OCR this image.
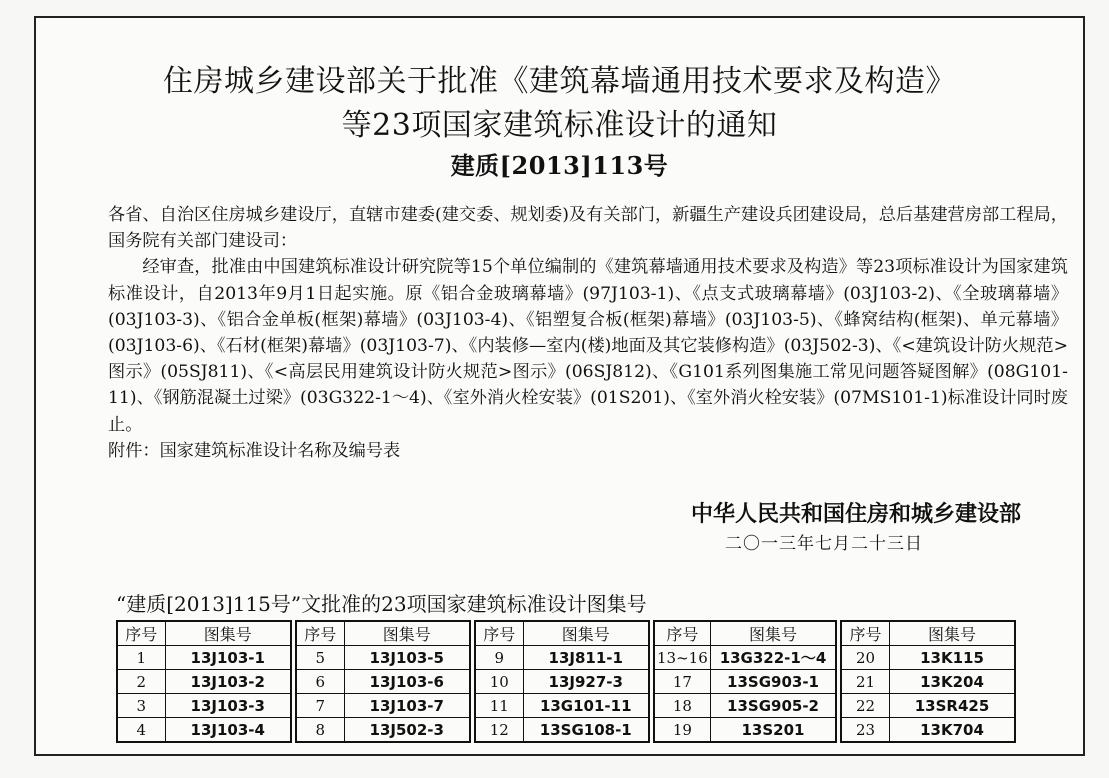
住房城乡建设部关于批准《建筑幕墙通用技术要求及构造》
等23项国家建筑标准设计的通知
建质[2013]113号

各省、自治区住房城乡建设厅，直辖市建委(建交委、规划委)及有关部门，新疆生产建设兵团建设局，总后基建营房部工程局，国务院有关部门建设司：

经审查，批准由中国建筑标准设计研究院等15个单位编制的《建筑幕墙通用技术要求及构造》等23项标准设计为国家建筑标准设计，自2013年9月1日起实施。原《铝合金玻璃幕墙》(97J103-1)、《点支式玻璃幕墙》(03J103-2)、《全玻璃幕墙》(03J103-3)、《铝合金单板(框架)幕墙》(03J103-4)、《铝塑复合板(框架)幕墙》(03J103-5)、《蜂窝结构(框架)、单元幕墙》(03J103-6)、《石材(框架)幕墙》(03J103-7)、《内装修—室内(楼)地面及其它装修构造》(03J502-3)、《<建筑设计防火规范>图示》(05SJ811)、《<高层民用建筑设计防火规范>图示》(06SJ812)、《G101系列图集施工常见问题答疑图解》(08G101-11)、《钢筋混凝土过梁》(03G322-1～4)、《室外消火栓安装》(01S201)、《室外消火栓安装》(07MS101-1)标准设计同时废止。

附件：国家建筑标准设计名称及编号表

中华人民共和国住房和城乡建设部
二〇一三年七月二十三日
“建质[2013]115号”文批准的23项国家建筑标准设计图集号
序号	图集号
1	13J103-1
2	13J103-2
3	13J103-3
4	13J103-4
序号	图集号
5	13J103-5
6	13J103-6
7	13J103-7
8	13J502-3
序号	图集号
9	13J811-1
10	13J927-3
11	13G101-11
12	13SG108-1
序号	图集号
13~16	13G322-1～4
17	13SG903-1
18	13SG905-2
19	13S201
序号	图集号
20	13K115
21	13K204
22	13SR425
23	13K704
